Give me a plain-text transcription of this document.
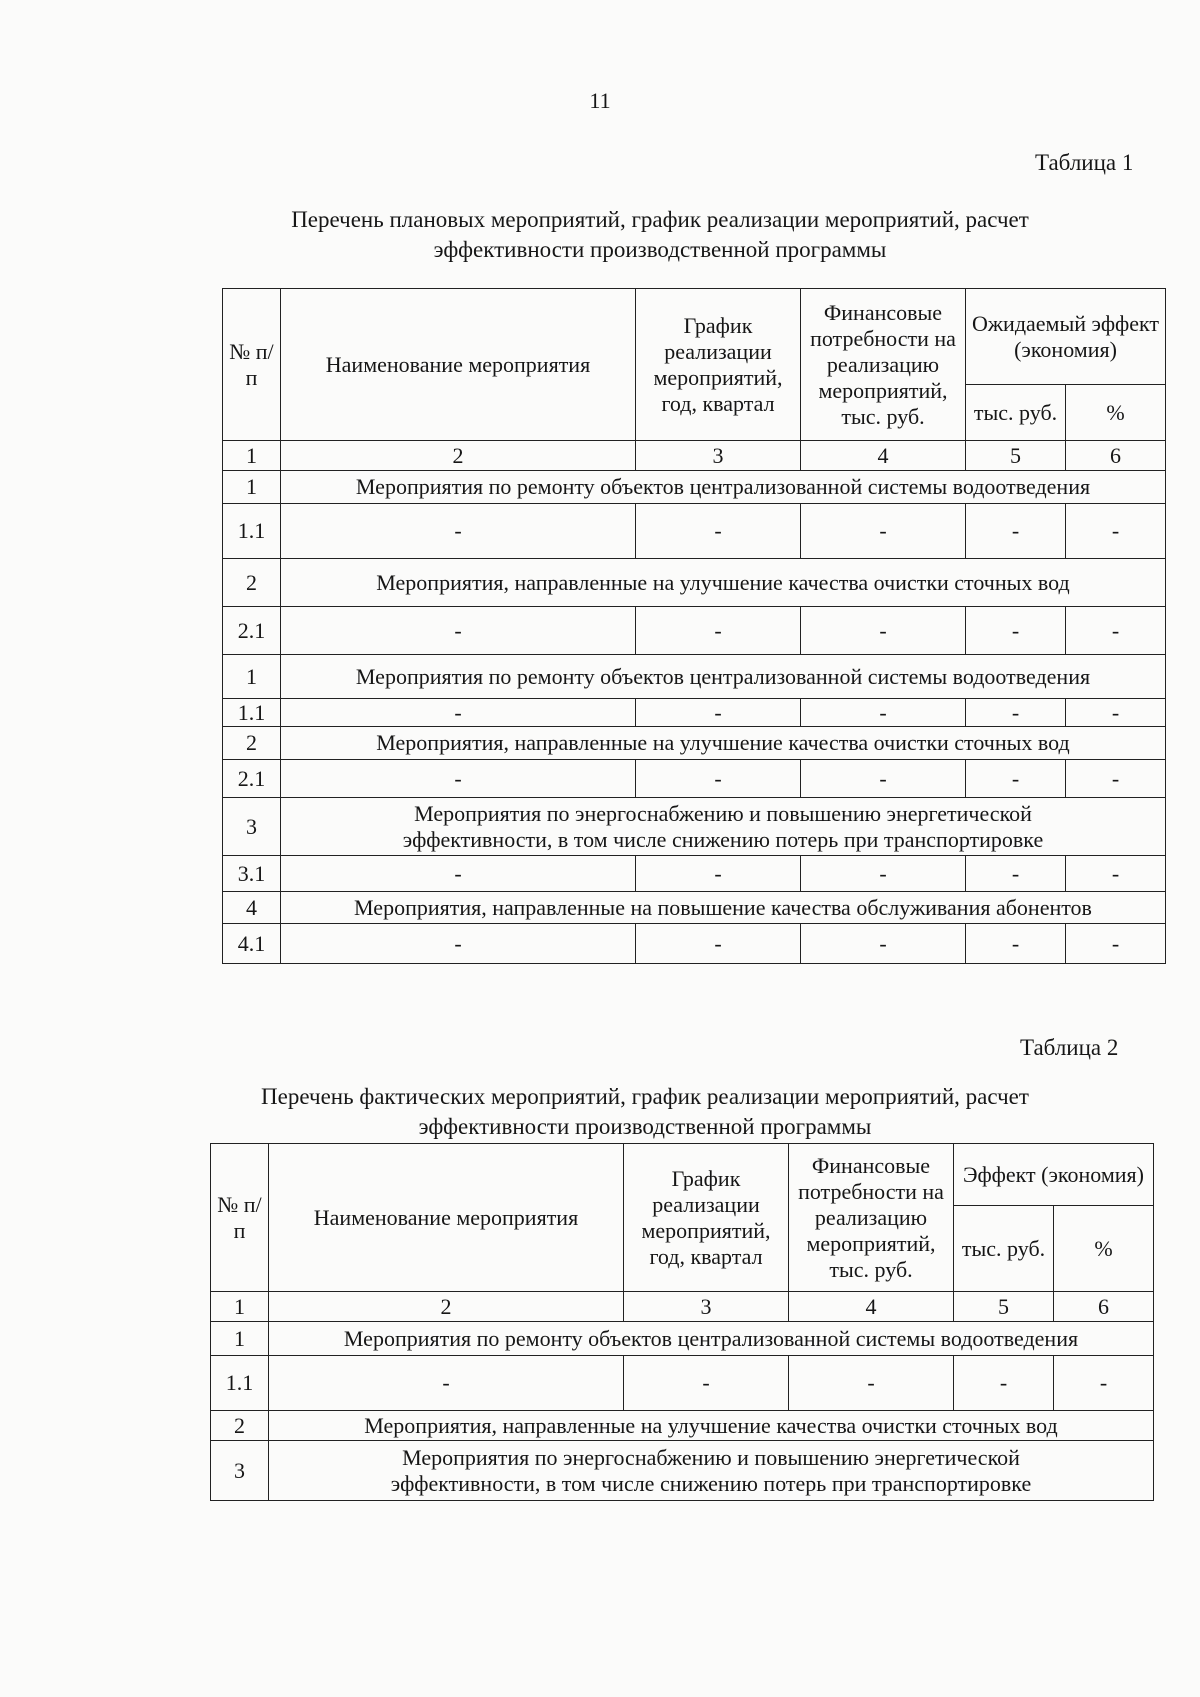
11
Таблица 1
Перечень плановых мероприятий, график реализации мероприятий, расчет
эффективности производственной программы
№ п/ п	Наименование мероприятия	График реализации мероприятий, год, квартал	Финансовые потребности на реализацию мероприятий, тыс. руб.	Ожидаемый эффект (экономия)	
				тыс. руб.	%
1	2	3	4	5	6
1	Мероприятия по ремонту объектов централизованной системы водоотведения				
1.1	-	-	-	-	-
2	Мероприятия, направленные на улучшение качества очистки сточных вод				
2.1	-	-	-	-	-
1	Мероприятия по ремонту объектов централизованной системы водоотведения				
1.1	-	-	-	-	-
2	Мероприятия, направленные на улучшение качества очистки сточных вод				
2.1	-	-	-	-	-
3	Мероприятия по энергоснабжению и повышению энергетической эффективности, в том числе снижению потерь при транспортировке				
3.1	-	-	-	-	-
4	Мероприятия, направленные на повышение качества обслуживания абонентов				
4.1	-	-	-	-	-
Таблица 2
Перечень фактических мероприятий, график реализации мероприятий, расчет
эффективности производственной программы
№ п/ п	Наименование мероприятия	График реализации мероприятий, год, квартал	Финансовые потребности на реализацию мероприятий, тыс. руб.	Эффект (экономия)	
				тыс. руб.	%
1	2	3	4	5	6
1	Мероприятия по ремонту объектов централизованной системы водоотведения				
1.1	-	-	-	-	-
2	Мероприятия, направленные на улучшение качества очистки сточных вод				
3	Мероприятия по энергоснабжению и повышению энергетической эффективности, в том числе снижению потерь при транспортировке				
